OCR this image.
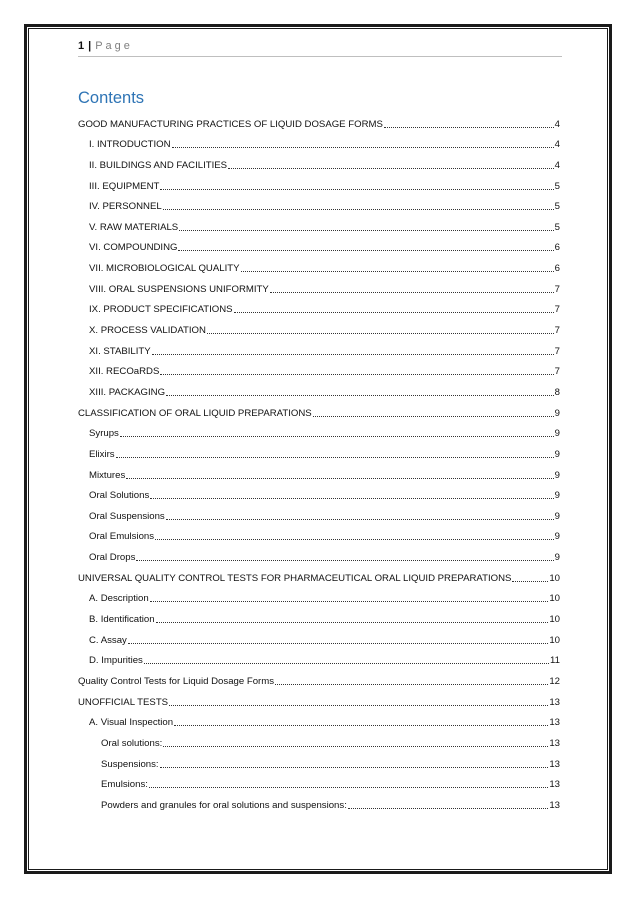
1 | Page
Contents
GOOD MANUFACTURING PRACTICES OF LIQUID DOSAGE FORMS	4
I. INTRODUCTION	4
II. BUILDINGS AND FACILITIES	4
III. EQUIPMENT	5
IV. PERSONNEL	5
V. RAW MATERIALS	5
VI. COMPOUNDING	6
VII. MICROBIOLOGICAL QUALITY	6
VIII. ORAL SUSPENSIONS UNIFORMITY	7
IX. PRODUCT SPECIFICATIONS	7
X. PROCESS VALIDATION	7
XI. STABILITY	7
XII. RECOaRDS	7
XIII. PACKAGING	8
CLASSIFICATION OF ORAL LIQUID PREPARATIONS	9
Syrups	9
Elixirs	9
Mixtures	9
Oral Solutions	9
Oral Suspensions	9
Oral Emulsions	9
Oral Drops	9
UNIVERSAL QUALITY CONTROL TESTS FOR PHARMACEUTICAL ORAL LIQUID PREPARATIONS	10
A. Description	10
B. Identification	10
C. Assay	10
D. Impurities	11
Quality Control Tests for Liquid Dosage Forms	12
UNOFFICIAL TESTS	13
A. Visual Inspection	13
Oral solutions:	13
Suspensions:	13
Emulsions:	13
Powders and granules for oral solutions and suspensions:	13
